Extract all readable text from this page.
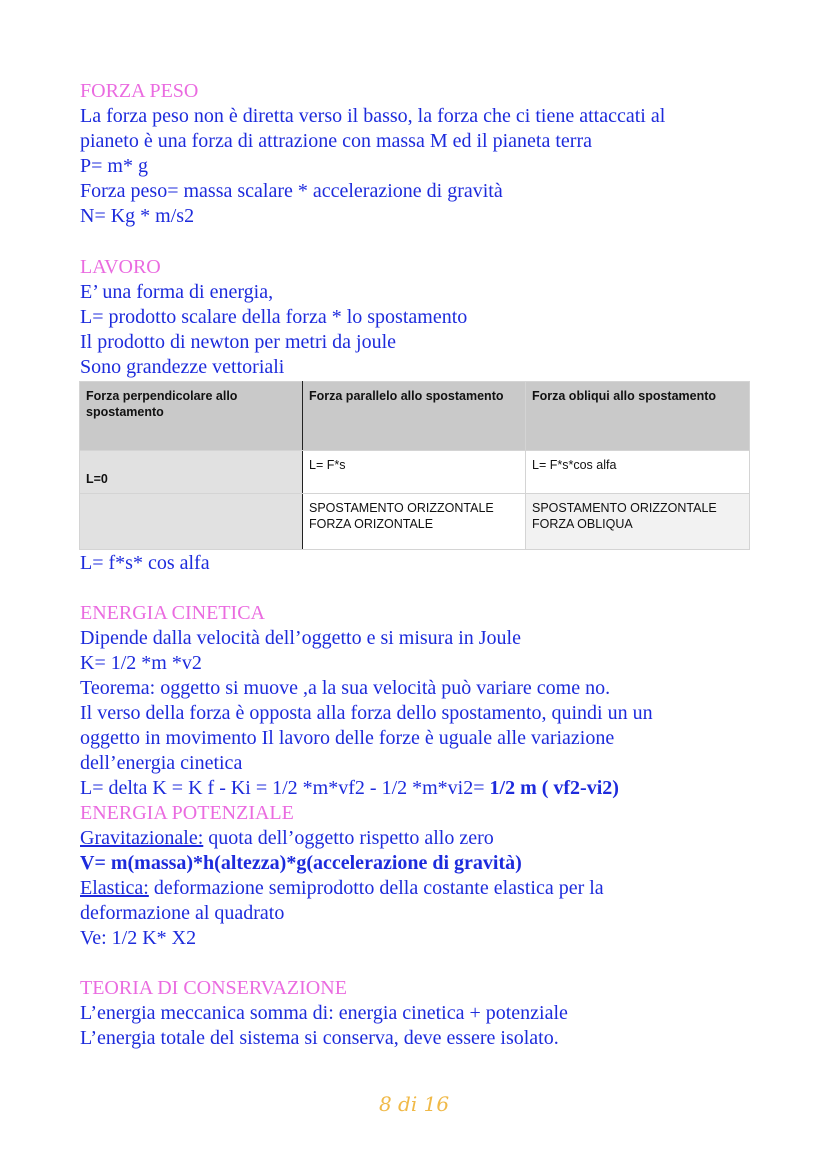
FORZA PESO
La forza peso non è diretta verso il basso, la forza che ci tiene attaccati al
pianeto è una forza di attrazione con massa M ed il pianeta terra
P= m* g
Forza peso= massa scalare * accelerazione di gravità
N= Kg * m/s2
LAVORO
E’ una forma di energia,
L= prodotto scalare della forza * lo spostamento
Il prodotto di newton per metri da joule
Sono grandezze vettoriali
Forza perpendicolare allo spostamento	Forza parallelo allo spostamento	Forza obliqui allo spostamento
L=0	L= F*s	L= F*s*cos alfa
	SPOSTAMENTO ORIZZONTALE FORZA ORIZONTALE	SPOSTAMENTO ORIZZONTALE FORZA OBLIQUA
L= f*s* cos alfa
ENERGIA CINETICA
Dipende dalla velocità dell’oggetto e si misura in Joule
K= 1/2 *m *v2
Teorema: oggetto si muove ,a la sua velocità può variare come no.
Il verso della forza è opposta alla forza dello spostamento, quindi un un
oggetto in movimento Il lavoro delle forze è uguale alle variazione
dell’energia cinetica
L= delta K = K f - Ki = 1/2 *m*vf2 - 1/2 *m*vi2= 1/2 m ( vf2-vi2)
ENERGIA POTENZIALE
Gravitazionale: quota dell’oggetto rispetto allo zero
V= m(massa)*h(altezza)*g(accelerazione di gravità)
Elastica: deformazione semiprodotto della costante elastica per la
deformazione al quadrato
Ve: 1/2 K* X2
TEORIA DI CONSERVAZIONE
L’energia meccanica somma di: energia cinetica + potenziale
L’energia totale del sistema si conserva, deve essere isolato.
8 di 16
